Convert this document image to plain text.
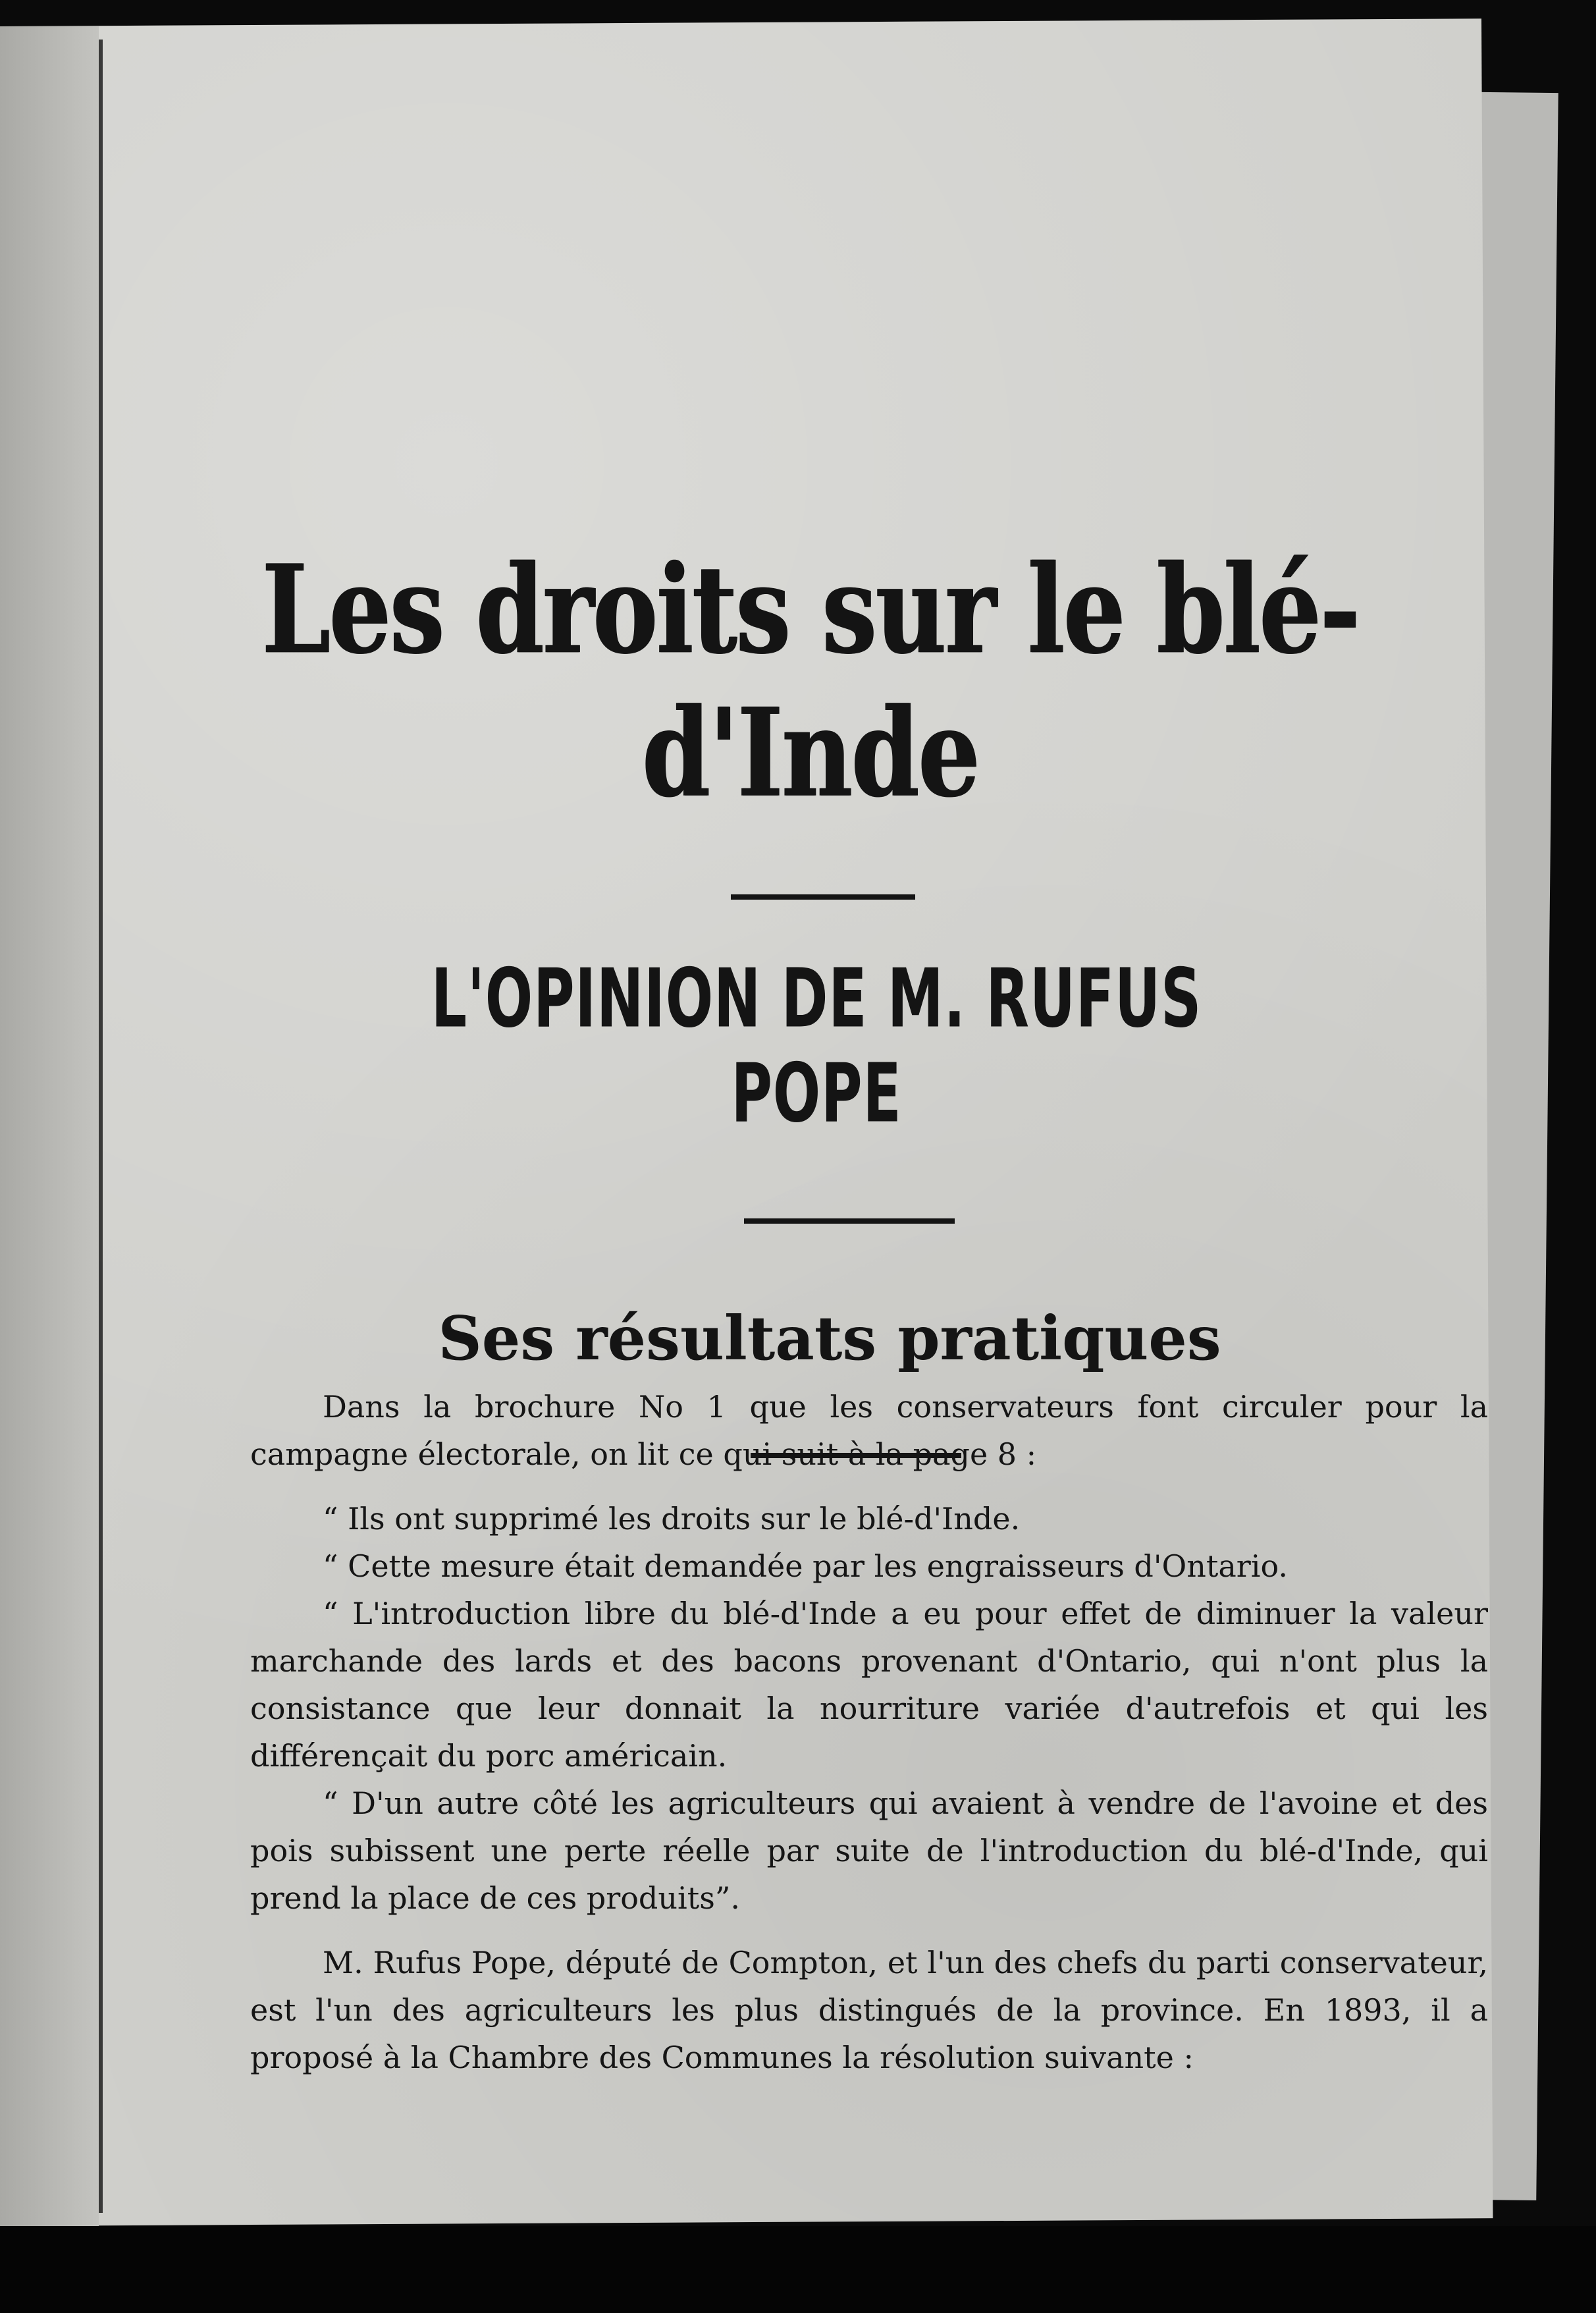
Les droits sur le blé-d'Inde
L'OPINION DE M. RUFUS POPE
Ses résultats pratiques

Dans la brochure No 1 que les conservateurs font circuler pour la campagne électorale, on lit ce qui suit à la page 8 :

“ Ils ont supprimé les droits sur le blé-d'Inde.

“ Cette mesure était demandée par les engraisseurs d'Ontario.

“ L'introduction libre du blé-d'Inde a eu pour effet de diminuer la valeur marchande des lards et des bacons provenant d'Ontario, qui n'ont plus la consistance que leur donnait la nourriture variée d'autrefois et qui les différençait du porc américain.

“ D'un autre côté les agriculteurs qui avaient à vendre de l'avoine et des pois subissent une perte réelle par suite de l'introduction du blé-d'Inde, qui prend la place de ces produits”.

M. Rufus Pope, député de Compton, et l'un des chefs du parti conservateur, est l'un des agriculteurs les plus distingués de la province. En 1893, il a proposé à la Chambre des Communes la résolution suivante :
